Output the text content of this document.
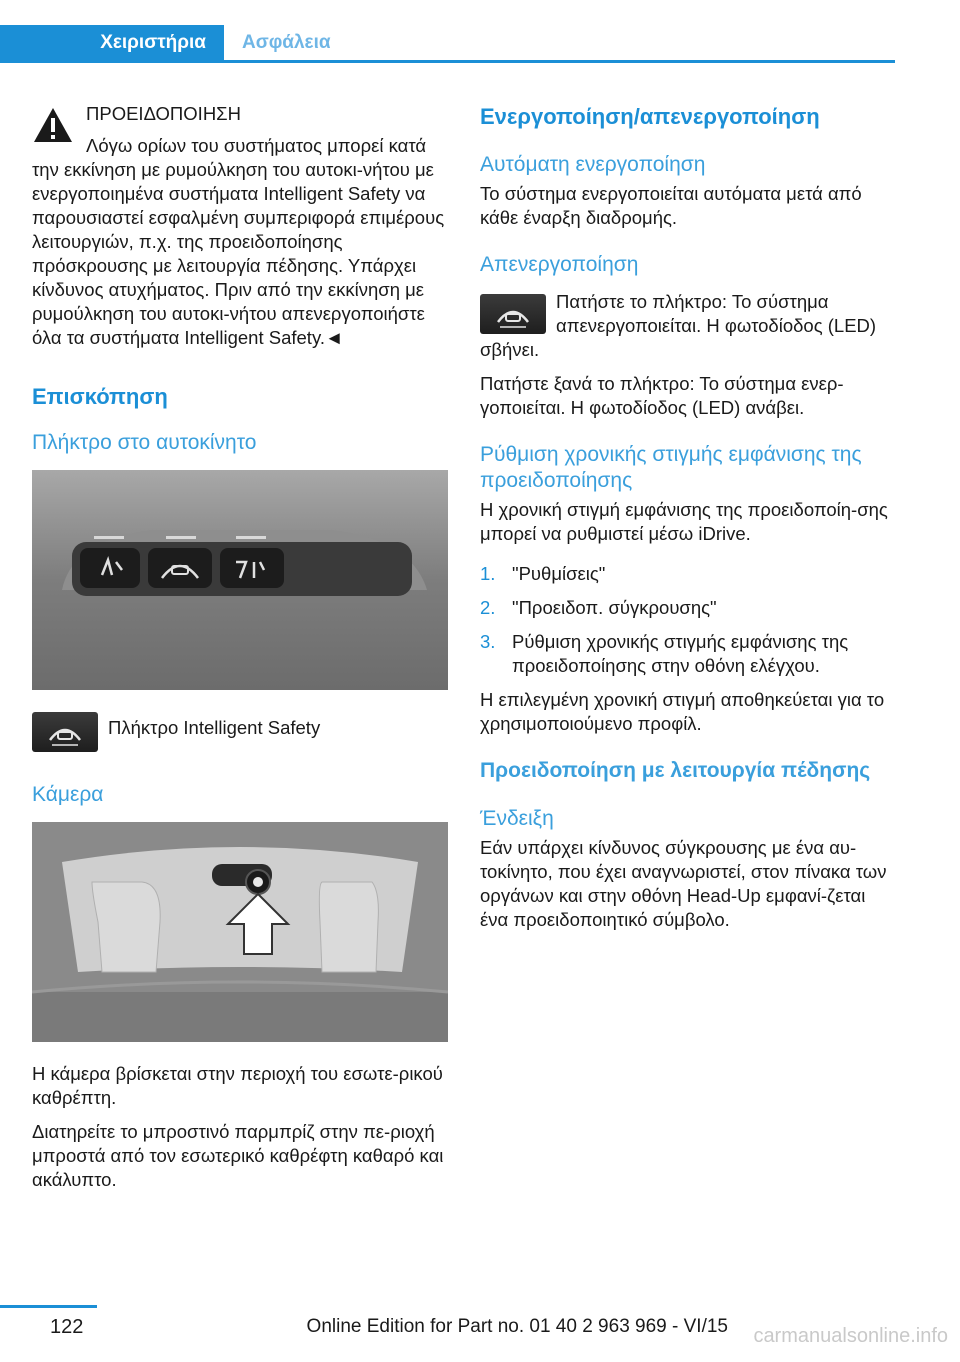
Χειριστήρια	Ασφάλεια
ΠΡΟΕΙΔΟΠΟΙΗΣΗ

Λόγω ορίων του συστήματος μπορεί κατά την εκκίνηση με ρυμούλκηση του αυτοκι-νήτου με ενεργοποιημένα συστήματα Intelligent Safety να παρουσιαστεί εσφαλμένη συμπεριφορά επιμέρους λειτουργιών, π.χ. της προειδοποίησης πρόσκρουσης με λειτουργία πέδησης. Υπάρχει κίνδυνος ατυχήματος. Πριν από την εκκίνηση με ρυμούλκηση του αυτοκι-νήτου απενεργοποιήστε όλα τα συστήματα Intelligent Safety.◄

Επισκόπηση
Πλήκτρο στο αυτοκίνητο

Πλήκτρο Intelligent Safety

Κάμερα

Η κάμερα βρίσκεται στην περιοχή του εσωτε-ρικού καθρέπτη.

Διατηρείτε το μπροστινό παρμπρίζ στην πε-ριοχή μπροστά από τον εσωτερικό καθρέφτη καθαρό και ακάλυπτο.

Ενεργοποίηση/απενεργοποίηση
Αυτόματη ενεργοποίηση

Το σύστημα ενεργοποιείται αυτόματα μετά από κάθε έναρξη διαδρομής.

Απενεργοποίηση

Πατήστε το πλήκτρο: Το σύστημα απενεργοποιείται. Η φωτοδίοδος (LED) σβήνει.

Πατήστε ξανά το πλήκτρο: Το σύστημα ενερ-γοποιείται. Η φωτοδίοδος (LED) ανάβει.

Ρύθμιση χρονικής στιγμής εμφάνισης της προειδοποίησης

Η χρονική στιγμή εμφάνισης της προειδοποίη-σης μπορεί να ρυθμιστεί μέσω iDrive.

1. "Ρυθμίσεις"
2. "Προειδοπ. σύγκρουσης"
3. Ρύθμιση χρονικής στιγμής εμφάνισης της προειδοποίησης στην οθόνη ελέγχου.

Η επιλεγμένη χρονική στιγμή αποθηκεύεται για το χρησιμοποιούμενο προφίλ.

Προειδοποίηση με λειτουργία πέδησης
Ένδειξη

Εάν υπάρχει κίνδυνος σύγκρουσης με ένα αυ-τοκίνητο, που έχει αναγνωριστεί, στον πίνακα των οργάνων και στην οθόνη Head-Up εμφανί-ζεται ένα προειδοποιητικό σύμβολο.

122	Online Edition for Part no. 01 40 2 963 969 - VI/15 carmanualsonline.info
